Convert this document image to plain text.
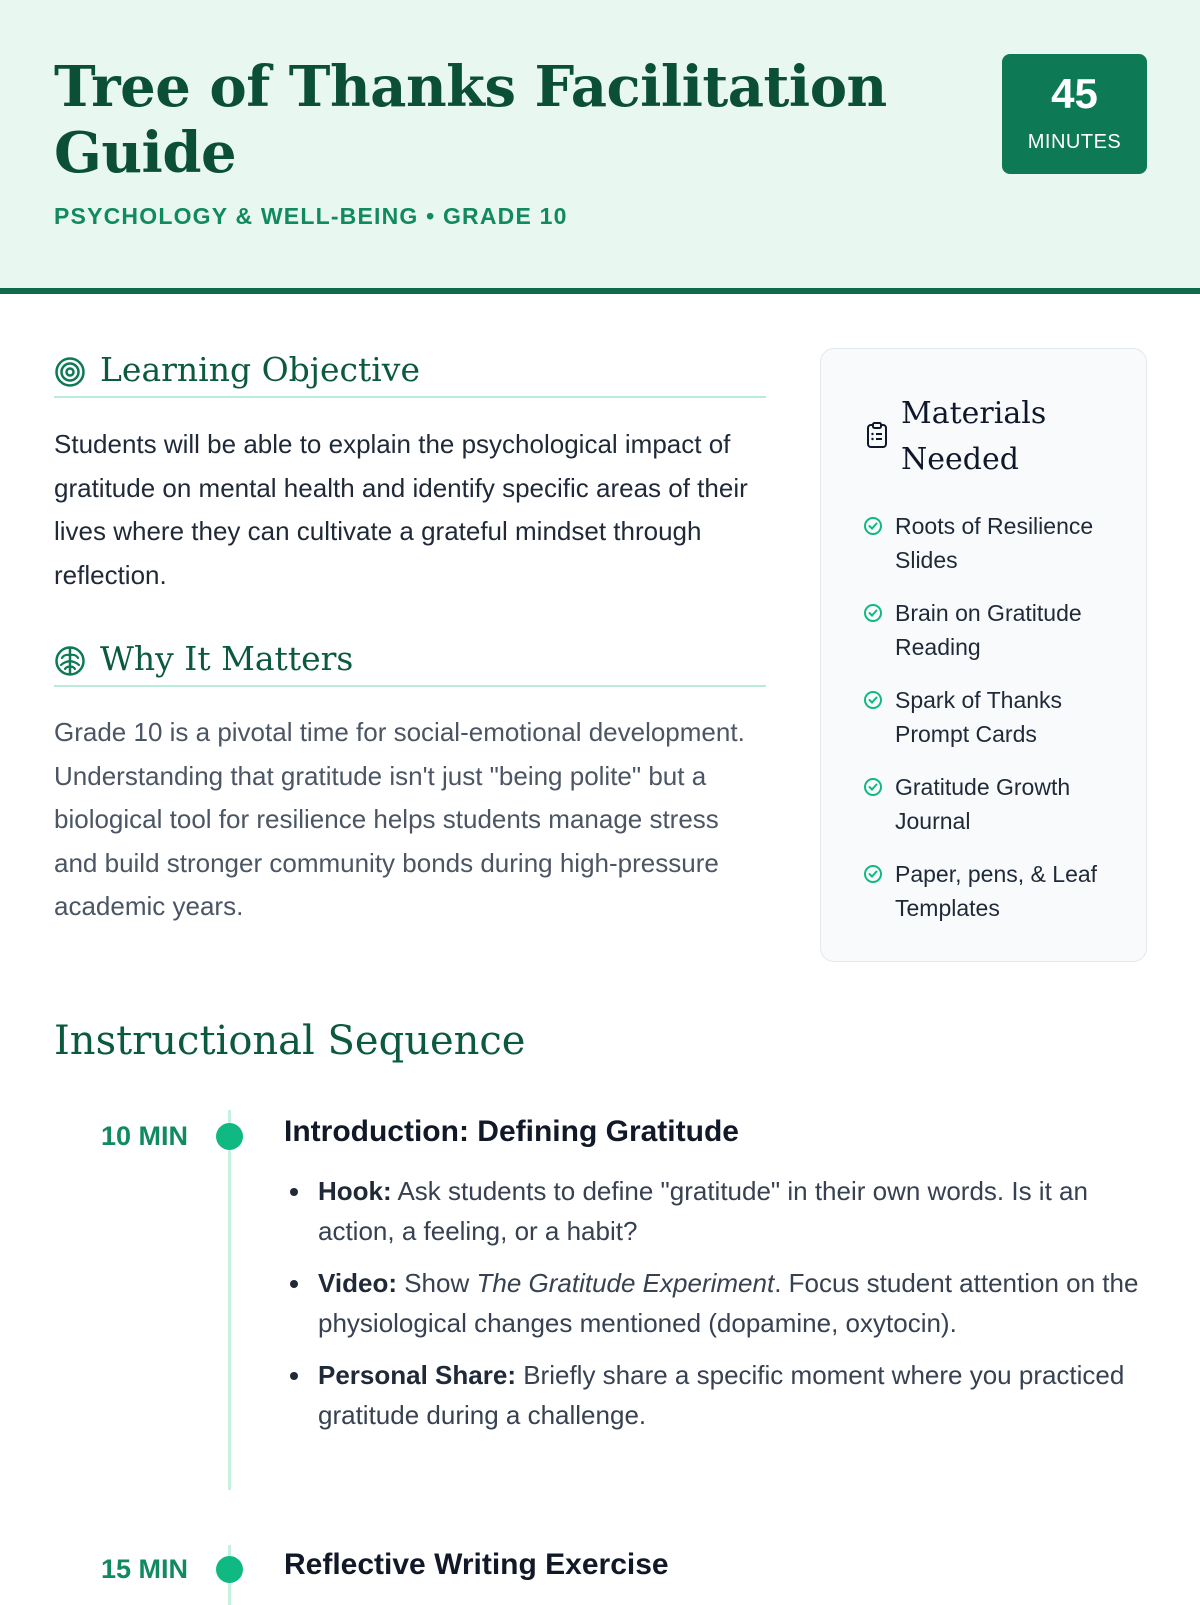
Tree of Thanks Facilitation Guide
PSYCHOLOGY & WELL-BEING • GRADE 10
45
MINUTES
Learning Objective
Students will be able to explain the psychological impact of gratitude on mental health and identify specific areas of their lives where they can cultivate a grateful mindset through reflection.
Why It Matters
Grade 10 is a pivotal time for social-emotional development. Understanding that gratitude isn't just "being polite" but a biological tool for resilience helps students manage stress and build stronger community bonds during high-pressure academic years.
Materials Needed
Roots of Resilience Slides
Brain on Gratitude Reading
Spark of Thanks Prompt Cards
Gratitude Growth Journal
Paper, pens, & Leaf Templates
Instructional Sequence
10 MIN	Introduction: Defining Gratitude
Hook: Ask students to define "gratitude" in their own words. Is it an action, a feeling, or a habit?
Video: Show The Gratitude Experiment. Focus student attention on the physiological changes mentioned (dopamine, oxytocin).
Personal Share: Briefly share a specific moment where you practiced gratitude during a challenge.
15 MIN	Reflective Writing Exercise
